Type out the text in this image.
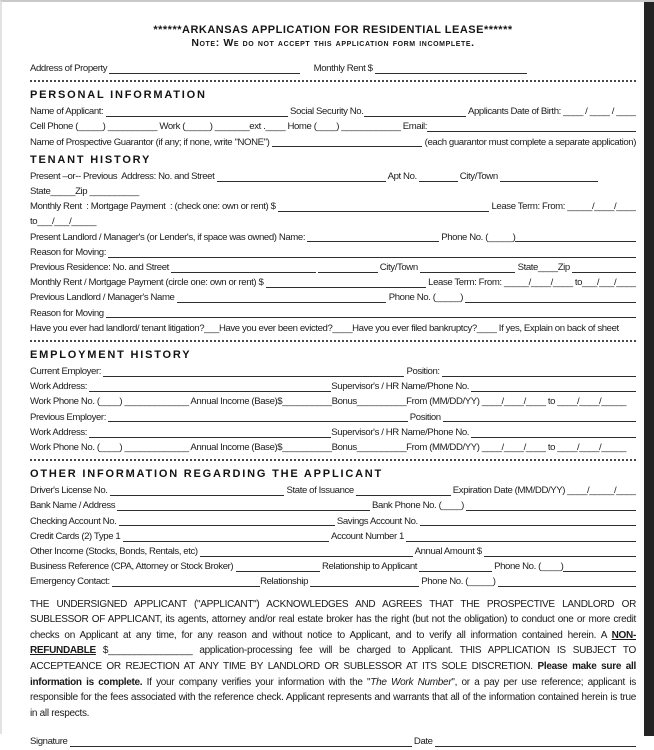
******ARKANSAS APPLICATION FOR RESIDENTIAL LEASE******
Note: We do not accept this application form incomplete.
Address of Property	Monthly Rent $
PERSONAL INFORMATION
Name of Applicant:	Social Security No.	Applicants Date of Birth: ____ / ____ / ____
Cell Phone (_____) __________ Work (_____) _______ext .____ Home (____) ____________ Email:
Name of Prospective Guarantor (if any; if none, write "NONE")	(each guarantor must complete a separate application)
TENANT HISTORY
Present –or-- Previous  Address: No. and Street	Apt No.	City/Town
State_____Zip __________
Monthly Rent  : Mortgage Payment  : (check one: own or rent) $	Lease Term: From: _____/____/____
to___/___/_____
Present Landlord / Manager's (or Lender's, if space was owned) Name:	Phone No. (_____)
Reason for Moving:
Previous Residence: No. and Street
	City/Town	State____Zip
Monthly Rent / Mortgage Payment (circle one: own or rent) $	Lease Term: From: _____/____/____ to___/___/____
Previous Landlord / Manager's Name	Phone No. (_____)
Reason for Moving
Have you ever had landlord/ tenant litigation?___Have you ever been evicted?____Have you ever filed bankruptcy?____ If yes, Explain on back of sheet
EMPLOYMENT HISTORY
Current Employer:	Position:
Work Address:	Supervisor's / HR Name/Phone No.
Work Phone No. (____) _____________ Annual Income (Base)$__________Bonus__________From (MM/DD/YY) ____/____/____ to ____/____/_____
Previous Employer:	Position
Work Address:	Supervisor's / HR Name/Phone No.
Work Phone No. (____) _____________ Annual Income (Base)$__________Bonus__________From (MM/DD/YY) ____/____/____ to ____/____/_____
OTHER INFORMATION REGARDING THE APPLICANT
Driver's License No.	State of Issuance	Expiration Date (MM/DD/YY) ____/_____/____
Bank Name / Address	Bank Phone No. (____)
Checking Account No.	Savings Account No.
Credit Cards (2) Type 1	Account Number 1
Other Income (Stocks, Bonds, Rentals, etc)	Annual Amount $
Business Reference (CPA, Attorney or Stock Broker)	Relationship to Applicant	Phone No. (____)
Emergency Contact:	Relationship	Phone No. (_____)
THE UNDERSIGNED APPLICANT ("APPLICANT") ACKNOWLEDGES AND AGREES THAT THE PROSPECTIVE LANDLORD OR SUBLESSOR OF APPLICANT, its agents, attorney and/or real estate broker has the right (but not the obligation) to conduct one or more credit checks on Applicant at any time, for any reason and without notice to Applicant, and to verify all information contained herein. A NON-REFUNDABLE $________________ application-processing fee will be charged to Applicant. THIS APPLICATION IS SUBJECT TO ACCEPTEANCE OR REJECTION AT ANY TIME BY LANDLORD OR SUBLESSOR AT ITS SOLE DISCRETION. Please make sure all information is complete. If your company verifies your information with the "The Work Number", or a pay per use reference; applicant is responsible for the fees associated with the reference check. Applicant represents and warrants that all of the information contained herein is true in all respects.
Signature	Date
